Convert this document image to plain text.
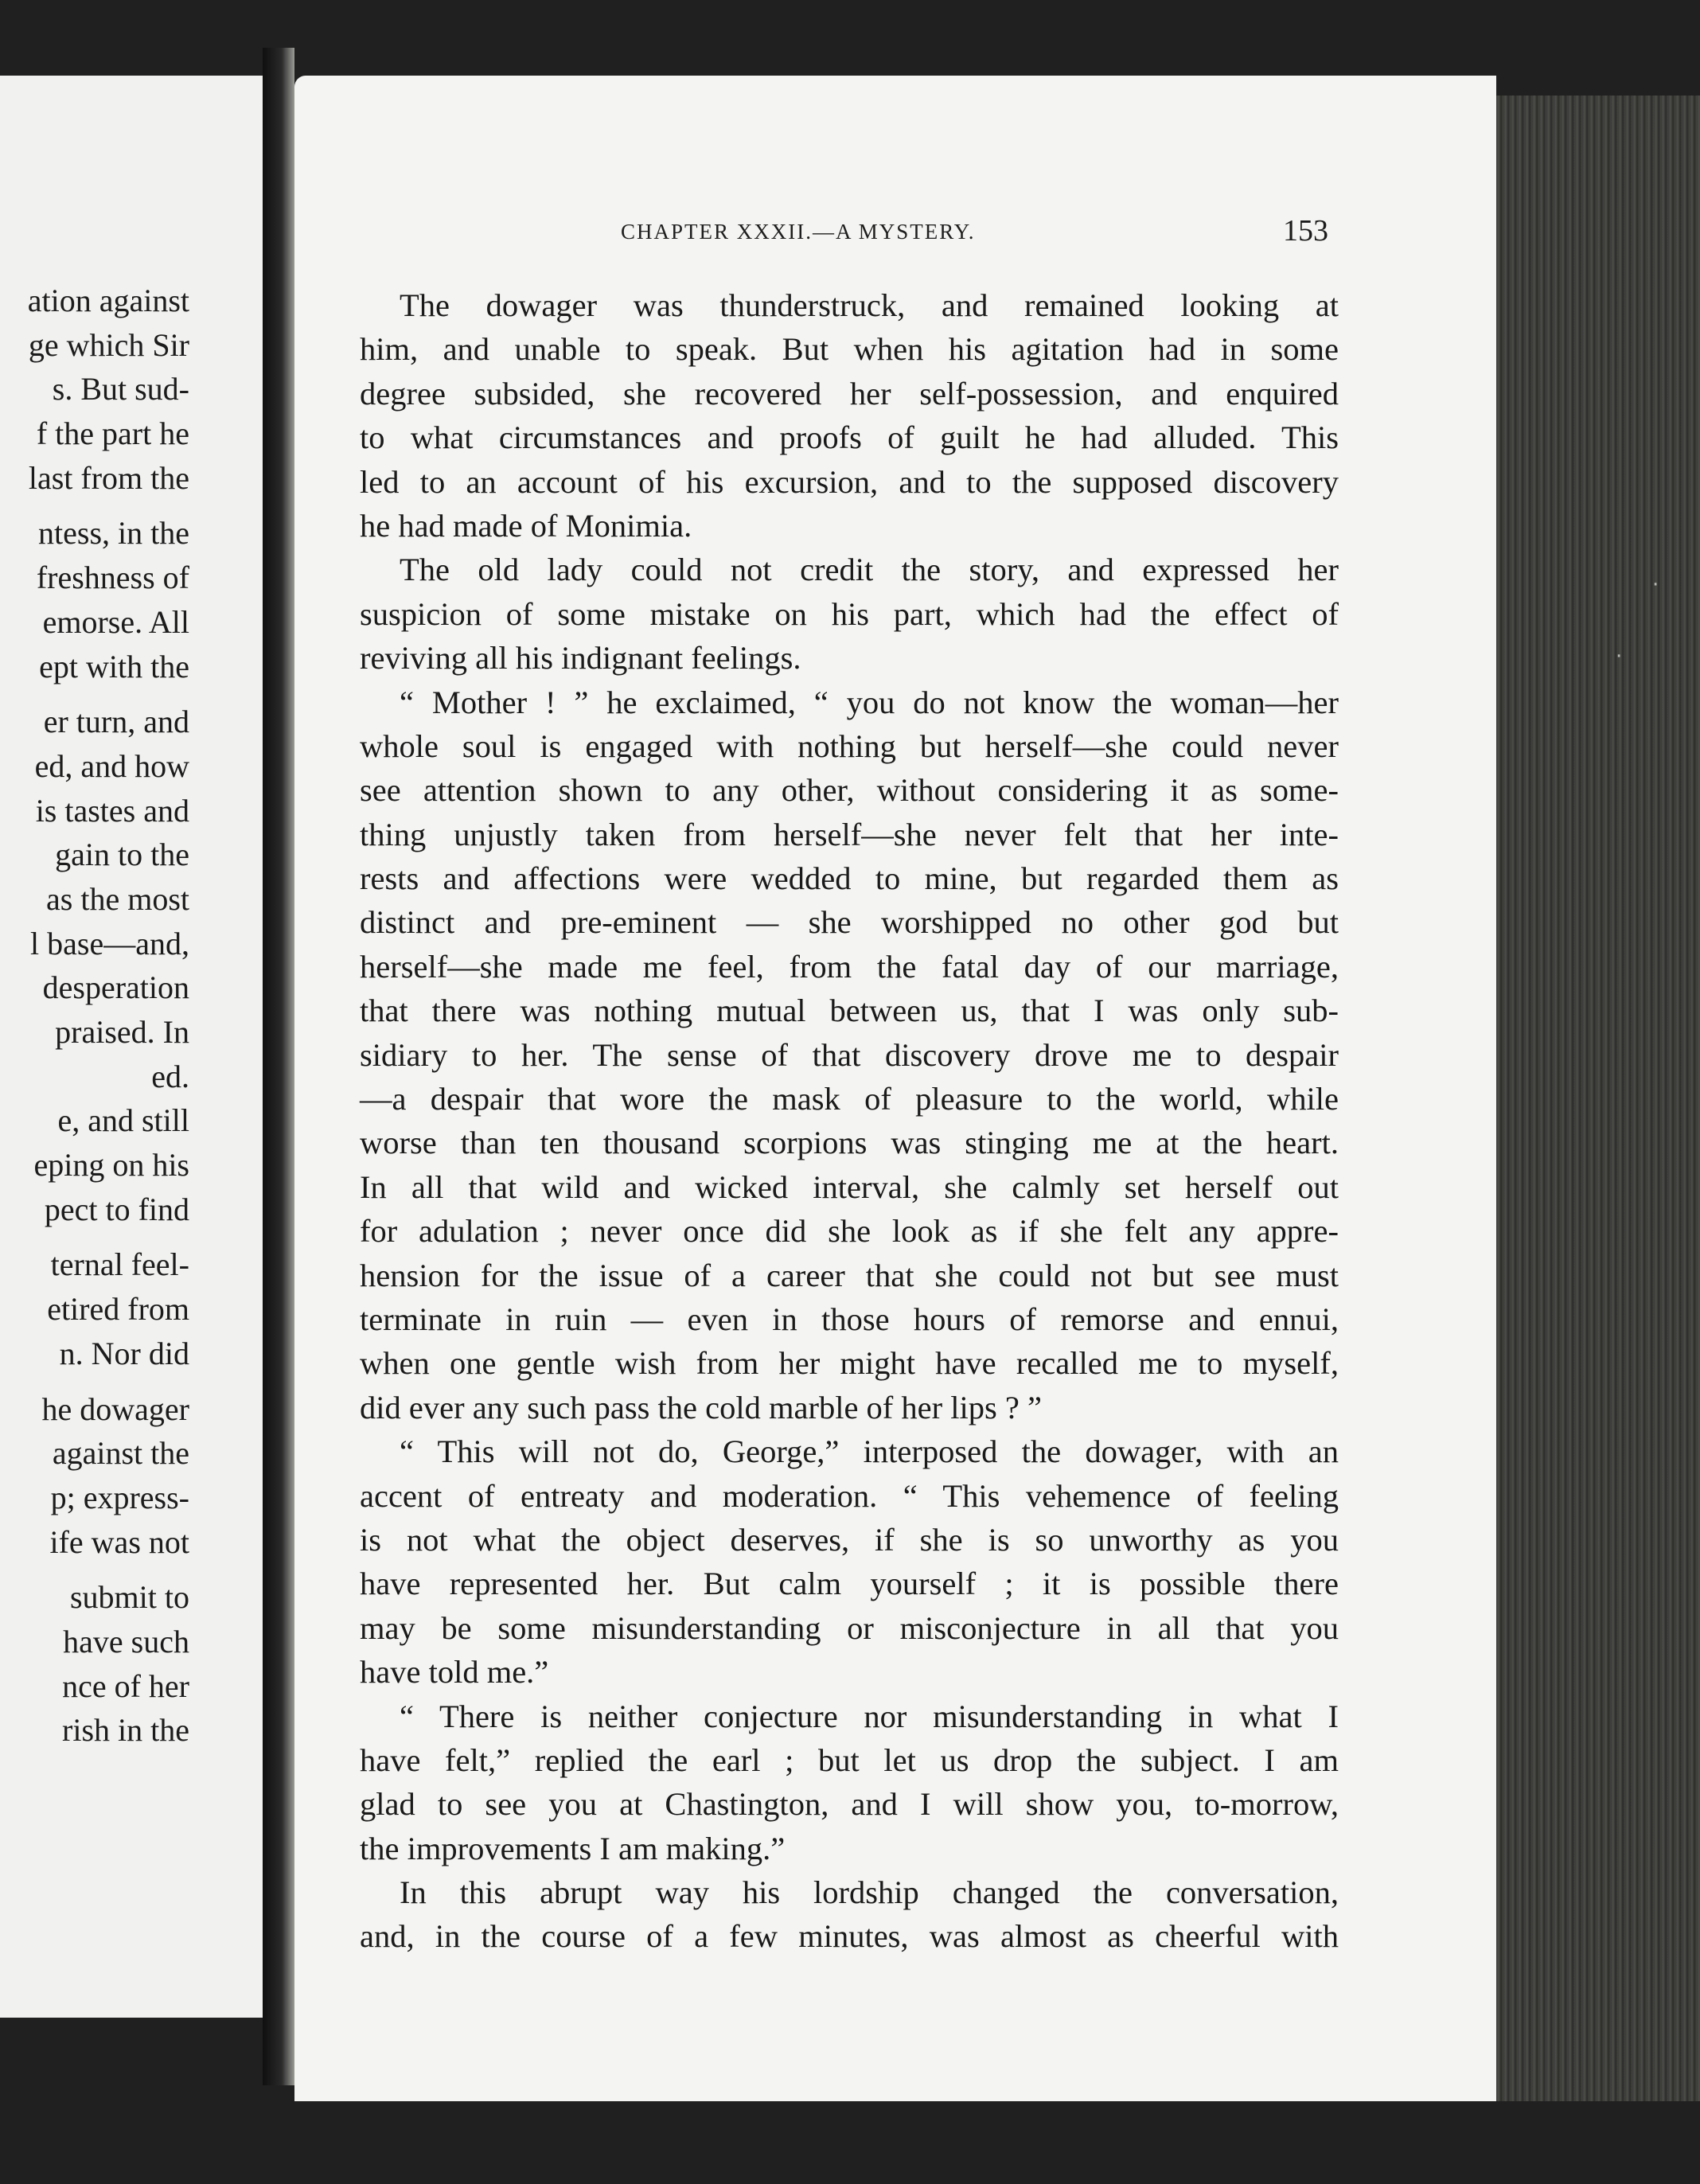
ation against
ge which Sir
s. But sud-
f the part he
last from the
ntess, in the
freshness of
emorse. All
ept with the
er turn, and
ed, and how
is tastes and
gain to the
as the most
l base—and,
desperation
praised. In
ed.
e, and still
eping on his
pect to find
ternal feel-
etired from
n. Nor did
he dowager
against the
p; express-
ife was not
submit to
have such
nce of her
rish in the
·
·
CHAPTER XXXII.—A MYSTERY.	153
The dowager was thunderstruck, and remained looking at
him, and unable to speak. But when his agitation had in some
degree subsided, she recovered her self-possession, and enquired
to what circumstances and proofs of guilt he had alluded. This
led to an account of his excursion, and to the supposed discovery
he had made of Monimia.
The old lady could not credit the story, and expressed her
suspicion of some mistake on his part, which had the effect of
reviving all his indignant feelings.
“ Mother ! ” he exclaimed, “ you do not know the woman—her
whole soul is engaged with nothing but herself—she could never
see attention shown to any other, without considering it as some-
thing unjustly taken from herself—she never felt that her inte-
rests and affections were wedded to mine, but regarded them as
distinct and pre-eminent — she worshipped no other god but
herself—she made me feel, from the fatal day of our marriage,
that there was nothing mutual between us, that I was only sub-
sidiary to her. The sense of that discovery drove me to despair
—a despair that wore the mask of pleasure to the world, while
worse than ten thousand scorpions was stinging me at the heart.
In all that wild and wicked interval, she calmly set herself out
for adulation ; never once did she look as if she felt any appre-
hension for the issue of a career that she could not but see must
terminate in ruin — even in those hours of remorse and ennui,
when one gentle wish from her might have recalled me to myself,
did ever any such pass the cold marble of her lips ? ”
“ This will not do, George,” interposed the dowager, with an
accent of entreaty and moderation. “ This vehemence of feeling
is not what the object deserves, if she is so unworthy as you
have represented her. But calm yourself ; it is possible there
may be some misunderstanding or misconjecture in all that you
have told me.”
“ There is neither conjecture nor misunderstanding in what I
have felt,” replied the earl ; but let us drop the subject. I am
glad to see you at Chastington, and I will show you, to-morrow,
the improvements I am making.”
In this abrupt way his lordship changed the conversation,
and, in the course of a few minutes, was almost as cheerful with
